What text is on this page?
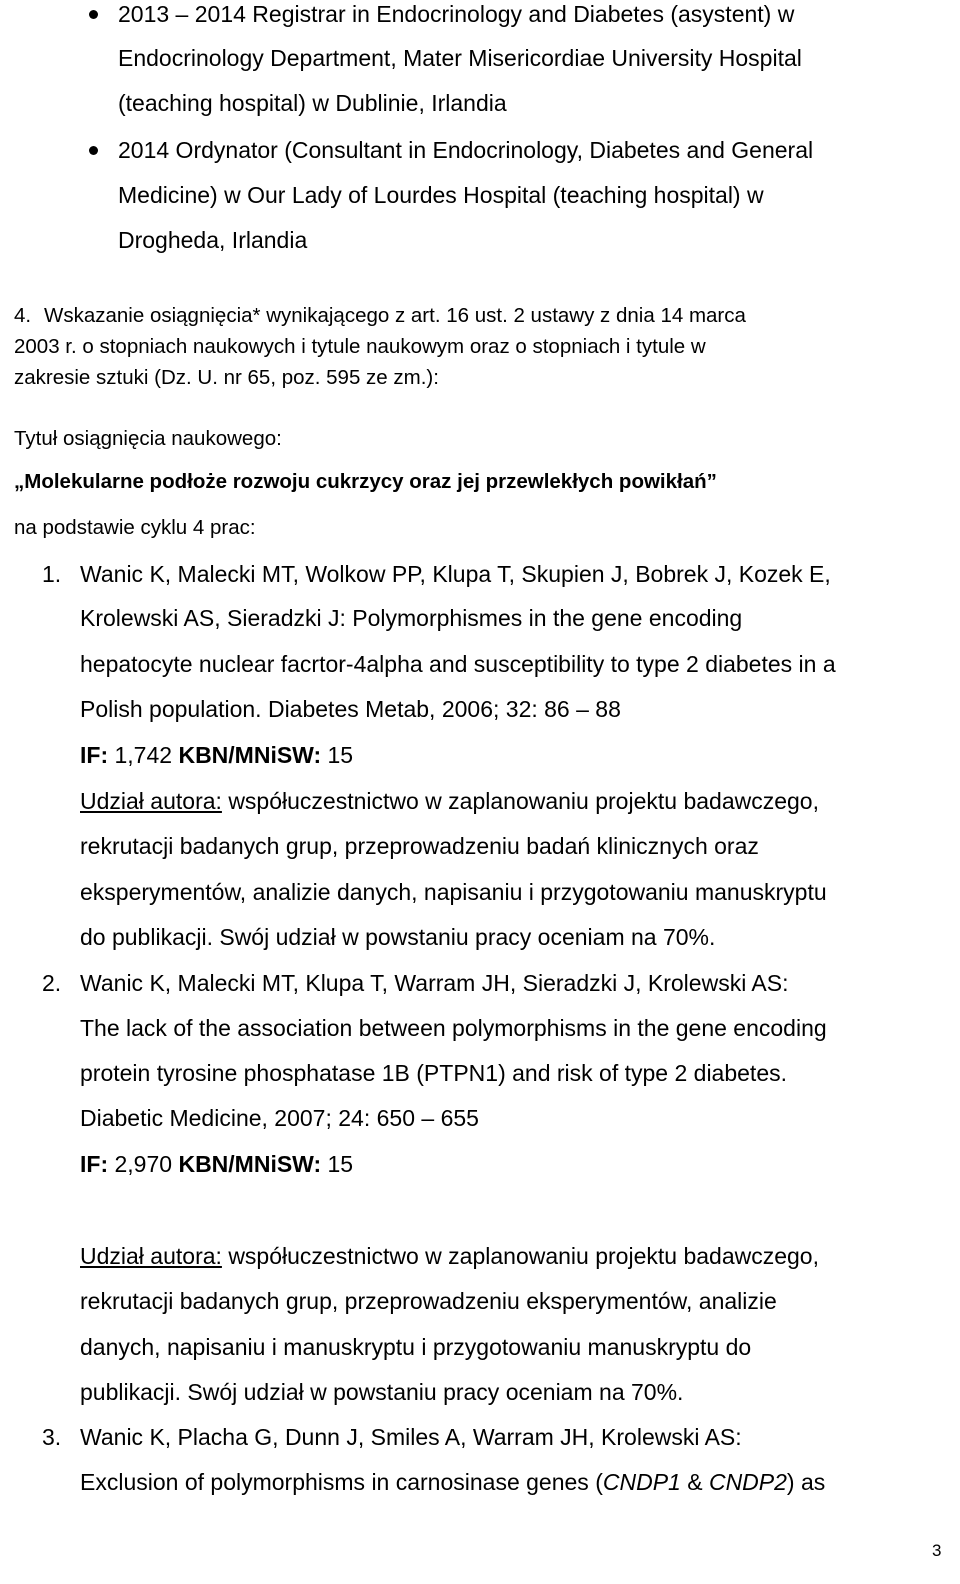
2013 – 2014 Registrar in Endocrinology and Diabetes (asystent) w
Endocrinology Department, Mater Misericordiae University Hospital
(teaching hospital) w Dublinie, Irlandia
2014 Ordynator (Consultant in Endocrinology, Diabetes and General
Medicine) w Our Lady of Lourdes Hospital (teaching hospital) w
Drogheda, Irlandia
4. Wskazanie osiągnięcia* wynikającego z art. 16 ust. 2 ustawy z dnia 14 marca
2003 r. o stopniach naukowych i tytule naukowym oraz o stopniach i tytule w
zakresie sztuki (Dz. U. nr 65, poz. 595 ze zm.):
Tytuł osiągnięcia naukowego:
„Molekularne podłoże rozwoju cukrzycy oraz jej przewlekłych powikłań”
na podstawie cyklu 4 prac:
1. Wanic K, Malecki MT, Wolkow PP, Klupa T, Skupien J, Bobrek J, Kozek E,
Krolewski AS, Sieradzki J: Polymorphismes in the gene encoding
hepatocyte nuclear facrtor-4alpha and susceptibility to type 2 diabetes in a
Polish population. Diabetes Metab, 2006; 32: 86 – 88
IF: 1,742 KBN/MNiSW: 15
Udział autora: współuczestnictwo w zaplanowaniu projektu badawczego,
rekrutacji badanych grup, przeprowadzeniu badań klinicznych oraz
eksperymentów, analizie danych, napisaniu i przygotowaniu manuskryptu
do publikacji. Swój udział w powstaniu pracy oceniam na 70%.
2. Wanic K, Malecki MT, Klupa T, Warram JH, Sieradzki J, Krolewski AS:
The lack of the association between polymorphisms in the gene encoding
protein tyrosine phosphatase 1B (PTPN1) and risk of type 2 diabetes.
Diabetic Medicine, 2007; 24: 650 – 655
IF: 2,970 KBN/MNiSW: 15
Udział autora: współuczestnictwo w zaplanowaniu projektu badawczego,
rekrutacji badanych grup, przeprowadzeniu eksperymentów, analizie
danych, napisaniu i manuskryptu i przygotowaniu manuskryptu do
publikacji. Swój udział w powstaniu pracy oceniam na 70%.
3. Wanic K, Placha G, Dunn J, Smiles A, Warram JH, Krolewski AS:
Exclusion of polymorphisms in carnosinase genes (CNDP1 & CNDP2) as
3
